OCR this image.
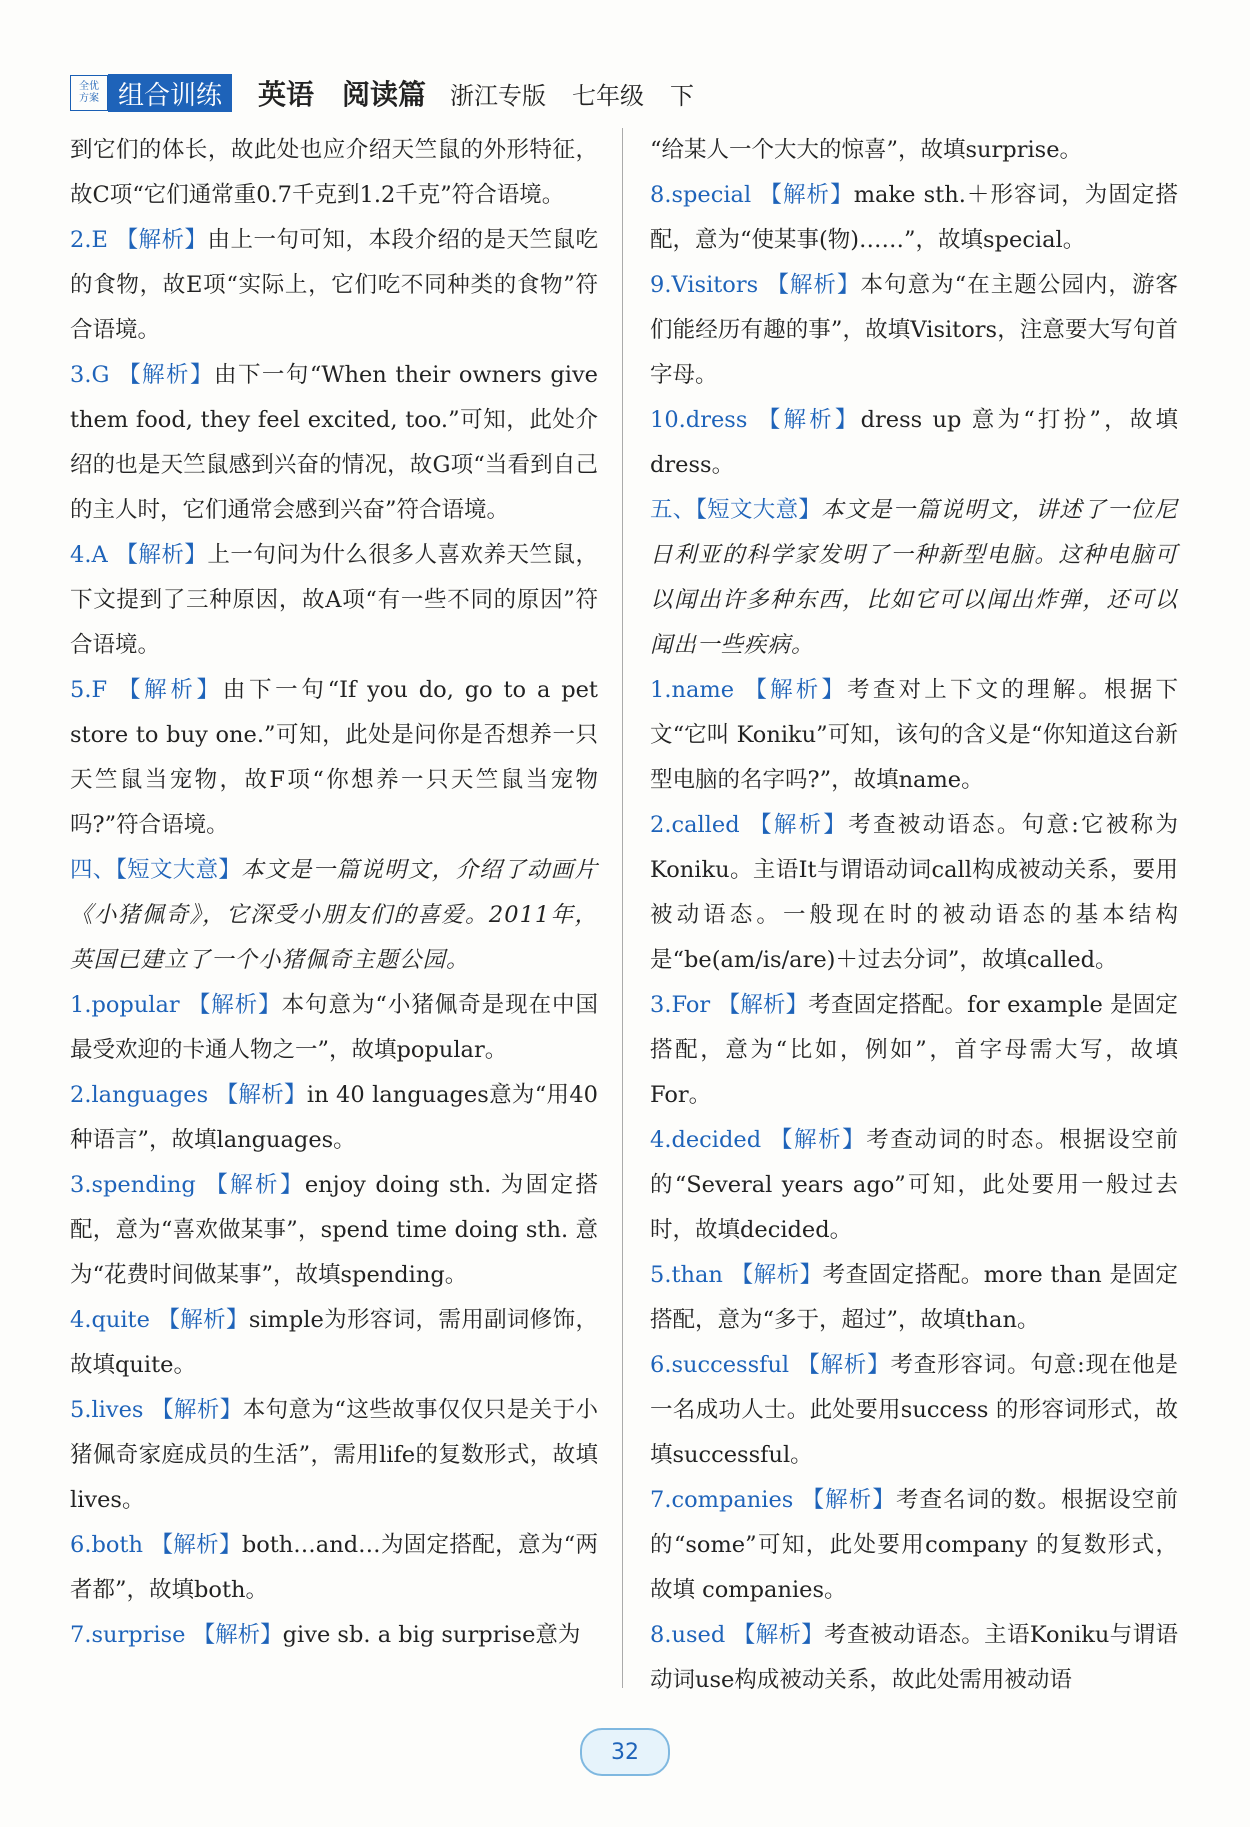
全优
方案 组合训练	英语　阅读篇 浙江专版 七年级 下

到它们的体长，故此处也应介绍天竺鼠的外形特征，故C项“它们通常重0.7千克到1.2千克”符合语境。

2.E 【解析】由上一句可知，本段介绍的是天竺鼠吃的食物，故E项“实际上，它们吃不同种类的食物”符合语境。

3.G 【解析】由下一句“When their owners give them food, they feel excited, too.”可知，此处介绍的也是天竺鼠感到兴奋的情况，故G项“当看到自己的主人时，它们通常会感到兴奋”符合语境。

4.A 【解析】上一句问为什么很多人喜欢养天竺鼠，下文提到了三种原因，故A项“有一些不同的原因”符合语境。

5.F 【解析】由下一句“If you do, go to a pet store to buy one.”可知，此处是问你是否想养一只天竺鼠当宠物，故F项“你想养一只天竺鼠当宠物吗?”符合语境。

四、【短文大意】本文是一篇说明文，介绍了动画片《小猪佩奇》，它深受小朋友们的喜爱。2011年，英国已建立了一个小猪佩奇主题公园。

1.popular 【解析】本句意为“小猪佩奇是现在中国最受欢迎的卡通人物之一”，故填popular。

2.languages 【解析】in 40 languages意为“用40种语言”，故填languages。

3.spending 【解析】enjoy doing sth. 为固定搭配，意为“喜欢做某事”，spend time doing sth. 意为“花费时间做某事”，故填spending。

4.quite 【解析】simple为形容词，需用副词修饰，故填quite。

5.lives 【解析】本句意为“这些故事仅仅只是关于小猪佩奇家庭成员的生活”，需用life的复数形式，故填lives。

6.both 【解析】both…and…为固定搭配，意为“两者都”，故填both。

7.surprise 【解析】give sb. a big surprise意为

“给某人一个大大的惊喜”，故填surprise。

8.special 【解析】make sth.＋形容词，为固定搭配，意为“使某事(物)……”，故填special。

9.Visitors 【解析】本句意为“在主题公园内，游客们能经历有趣的事”，故填Visitors，注意要大写句首字母。

10.dress 【解析】dress up 意为“打扮”，故填dress。

五、【短文大意】本文是一篇说明文，讲述了一位尼日利亚的科学家发明了一种新型电脑。这种电脑可以闻出许多种东西，比如它可以闻出炸弹，还可以闻出一些疾病。

1.name 【解析】考查对上下文的理解。根据下文“它叫 Koniku”可知，该句的含义是“你知道这台新型电脑的名字吗?”，故填name。

2.called 【解析】考查被动语态。句意:它被称为Koniku。主语It与谓语动词call构成被动关系，要用被动语态。一般现在时的被动语态的基本结构是“be(am/is/are)＋过去分词”，故填called。

3.For 【解析】考查固定搭配。for example 是固定搭配，意为“比如，例如”，首字母需大写，故填For。

4.decided 【解析】考查动词的时态。根据设空前的“Several years ago”可知，此处要用一般过去时，故填decided。

5.than 【解析】考查固定搭配。more than 是固定搭配，意为“多于，超过”，故填than。

6.successful 【解析】考查形容词。句意:现在他是一名成功人士。此处要用success 的形容词形式，故填successful。

7.companies 【解析】考查名词的数。根据设空前的“some”可知，此处要用company 的复数形式，故填 companies。

8.used 【解析】考查被动语态。主语Koniku与谓语动词use构成被动关系，故此处需用被动语

32
